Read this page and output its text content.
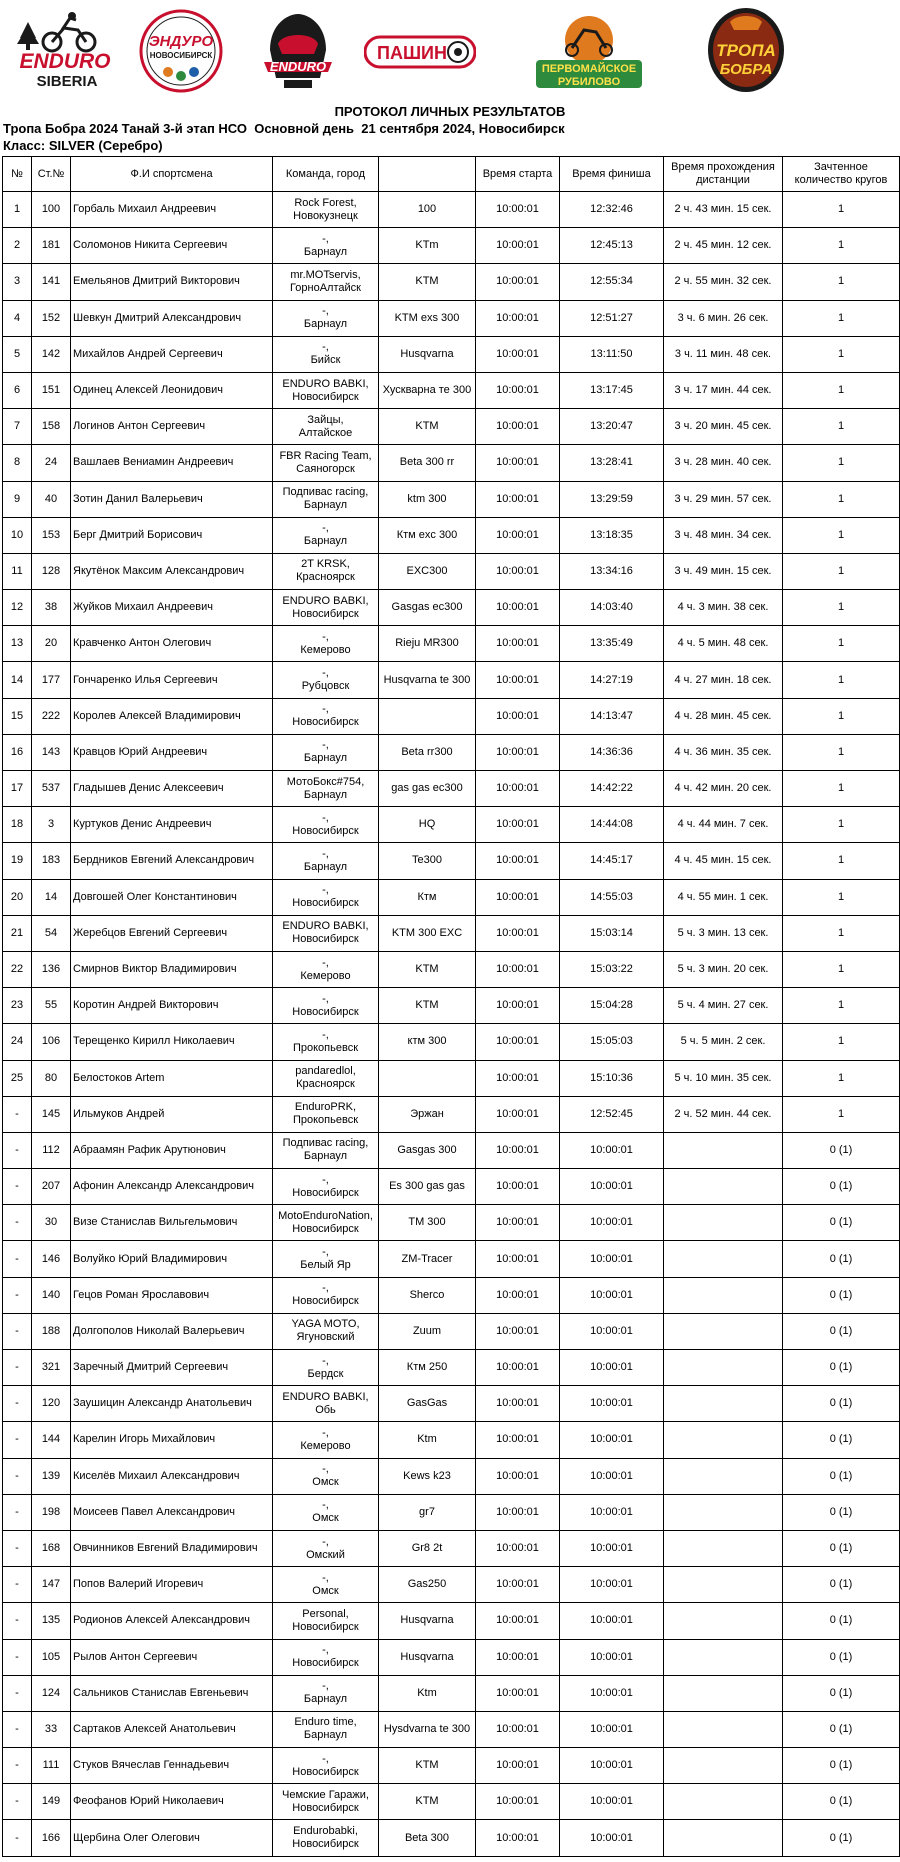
ENDURO
SIBERIA
ЭНДУРО
НОВОСИБИРСК
ENDURO
ПАШИН
ПЕРВОМАЙСКОЕ
РУБИЛОВО
ТРОПА
БОБРА
ПРОТОКОЛ ЛИЧНЫХ РЕЗУЛЬТАТОВ
Тропа Бобра 2024 Танай 3-й этап НСО  Основной день  21 сентября 2024, Новосибирск
Класс: SILVER (Серебро)
№	Ст.№	Ф.И спортсмена	Команда, город		Время старта	Время финиша	Время прохождения дистанции	Зачтенное количество кругов
1	100	Горбаль Михаил Андреевич	Rock Forest,
Новокузнецк	100	10:00:01	12:32:46	2 ч. 43 мин. 15 сек.	1
2	181	Соломонов Никита Сергеевич	-,
Барнаул	KTm	10:00:01	12:45:13	2 ч. 45 мин. 12 сек.	1
3	141	Емельянов Дмитрий Викторович	mr.MOTservis,
ГорноАлтайск	KTM	10:00:01	12:55:34	2 ч. 55 мин. 32 сек.	1
4	152	Шевкун Дмитрий Александрович	-,
Барнаул	KTM exs 300	10:00:01	12:51:27	3 ч. 6 мин. 26 сек.	1
5	142	Михайлов Андрей Сергеевич	-,
Бийск	Husqvarna	10:00:01	13:11:50	3 ч. 11 мин. 48 сек.	1
6	151	Одинец Алексей Леонидович	ENDURO BABKI,
Новосибирск	Хускварна те 300	10:00:01	13:17:45	3 ч. 17 мин. 44 сек.	1
7	158	Логинов Антон Сергеевич	Зайцы,
Алтайское	KTM	10:00:01	13:20:47	3 ч. 20 мин. 45 сек.	1
8	24	Вашлаев Вениамин Андреевич	FBR Racing Team,
Саяногорск	Beta 300 rr	10:00:01	13:28:41	3 ч. 28 мин. 40 сек.	1
9	40	Зотин Данил Валерьевич	Подпивас racing,
Барнаул	ktm 300	10:00:01	13:29:59	3 ч. 29 мин. 57 сек.	1
10	153	Берг Дмитрий Борисович	-,
Барнаул	Ктм exc 300	10:00:01	13:18:35	3 ч. 48 мин. 34 сек.	1
11	128	Якутёнок Максим Александрович	2T KRSK,
Красноярск	EXC300	10:00:01	13:34:16	3 ч. 49 мин. 15 сек.	1
12	38	Жуйков Михаил Андреевич	ENDURO BABKI,
Новосибирск	Gasgas ec300	10:00:01	14:03:40	4 ч. 3 мин. 38 сек.	1
13	20	Кравченко Антон Олегович	-,
Кемерово	Rieju MR300	10:00:01	13:35:49	4 ч. 5 мин. 48 сек.	1
14	177	Гончаренко Илья Сергеевич	-,
Рубцовск	Husqvarna te 300	10:00:01	14:27:19	4 ч. 27 мин. 18 сек.	1
15	222	Королев Алексей Владимирович	-,
Новосибирск		10:00:01	14:13:47	4 ч. 28 мин. 45 сек.	1
16	143	Кравцов Юрий Андреевич	-,
Барнаул	Beta rr300	10:00:01	14:36:36	4 ч. 36 мин. 35 сек.	1
17	537	Гладышев Денис Алексеевич	МотоБокс#754,
Барнаул	gas gas ec300	10:00:01	14:42:22	4 ч. 42 мин. 20 сек.	1
18	3	Куртуков Денис Андреевич	-,
Новосибирск	HQ	10:00:01	14:44:08	4 ч. 44 мин. 7 сек.	1
19	183	Бердников Евгений Александрович	-,
Барнаул	Te300	10:00:01	14:45:17	4 ч. 45 мин. 15 сек.	1
20	14	Довгошей Олег Константинович	-,
Новосибирск	Ктм	10:00:01	14:55:03	4 ч. 55 мин. 1 сек.	1
21	54	Жеребцов Евгений Сергеевич	ENDURO BABKI,
Новосибирск	KTM 300 EXC	10:00:01	15:03:14	5 ч. 3 мин. 13 сек.	1
22	136	Смирнов Виктор Владимирович	-,
Кемерово	KTM	10:00:01	15:03:22	5 ч. 3 мин. 20 сек.	1
23	55	Коротин Андрей Викторович	-,
Новосибирск	KTM	10:00:01	15:04:28	5 ч. 4 мин. 27 сек.	1
24	106	Терещенко Кирилл Николаевич	-,
Прокопьевск	ктм 300	10:00:01	15:05:03	5 ч. 5 мин. 2 сек.	1
25	80	Белостоков Artem	pandaredlol,
Красноярск		10:00:01	15:10:36	5 ч. 10 мин. 35 сек.	1
-	145	Ильмуков Андрей	EnduroPRK,
Прокопьевск	Эржан	10:00:01	12:52:45	2 ч. 52 мин. 44 сек.	1
-	112	Абраамян Рафик Арутюнович	Подпивас racing,
Барнаул	Gasgas 300	10:00:01	10:00:01		0 (1)
-	207	Афонин Александр Александрович	-,
Новосибирск	Es 300 gas gas	10:00:01	10:00:01		0 (1)
-	30	Визе Станислав Вильгельмович	MotoEnduroNation,
Новосибирск	TM 300	10:00:01	10:00:01		0 (1)
-	146	Волуйко Юрий Владимирович	-,
Белый Яр	ZM-Tracer	10:00:01	10:00:01		0 (1)
-	140	Гецов Роман Ярославович	-,
Новосибирск	Sherco	10:00:01	10:00:01		0 (1)
-	188	Долгополов Николай Валерьевич	YAGA MOTO,
Ягуновский	Zuum	10:00:01	10:00:01		0 (1)
-	321	Заречный Дмитрий Сергеевич	-,
Бердск	Ктм 250	10:00:01	10:00:01		0 (1)
-	120	Заушицин Александр Анатольевич	ENDURO BABKI,
Обь	GasGas	10:00:01	10:00:01		0 (1)
-	144	Карелин Игорь Михайлович	-,
Кемерово	Ktm	10:00:01	10:00:01		0 (1)
-	139	Киселёв Михаил Александрович	-,
Омск	Kews k23	10:00:01	10:00:01		0 (1)
-	198	Моисеев Павел Александрович	-,
Омск	gr7	10:00:01	10:00:01		0 (1)
-	168	Овчинников Евгений Владимирович	-,
Омский	Gr8 2t	10:00:01	10:00:01		0 (1)
-	147	Попов Валерий Игоревич	-,
Омск	Gas250	10:00:01	10:00:01		0 (1)
-	135	Родионов Алексей Александрович	Personal,
Новосибирск	Husqvarna	10:00:01	10:00:01		0 (1)
-	105	Рылов Антон Сергеевич	-,
Новосибирск	Husqvarna	10:00:01	10:00:01		0 (1)
-	124	Сальников Станислав Евгеньевич	-,
Барнаул	Ktm	10:00:01	10:00:01		0 (1)
-	33	Сартаков Алексей Анатольевич	Enduro time,
Барнаул	Hysdvarna te 300	10:00:01	10:00:01		0 (1)
-	111	Стуков Вячеслав Геннадьевич	-,
Новосибирск	KTM	10:00:01	10:00:01		0 (1)
-	149	Феофанов Юрий Николаевич	Чемские Гаражи,
Новосибирск	KTM	10:00:01	10:00:01		0 (1)
-	166	Щербина Олег Олегович	Endurobabki,
Новосибирск	Beta 300	10:00:01	10:00:01		0 (1)
